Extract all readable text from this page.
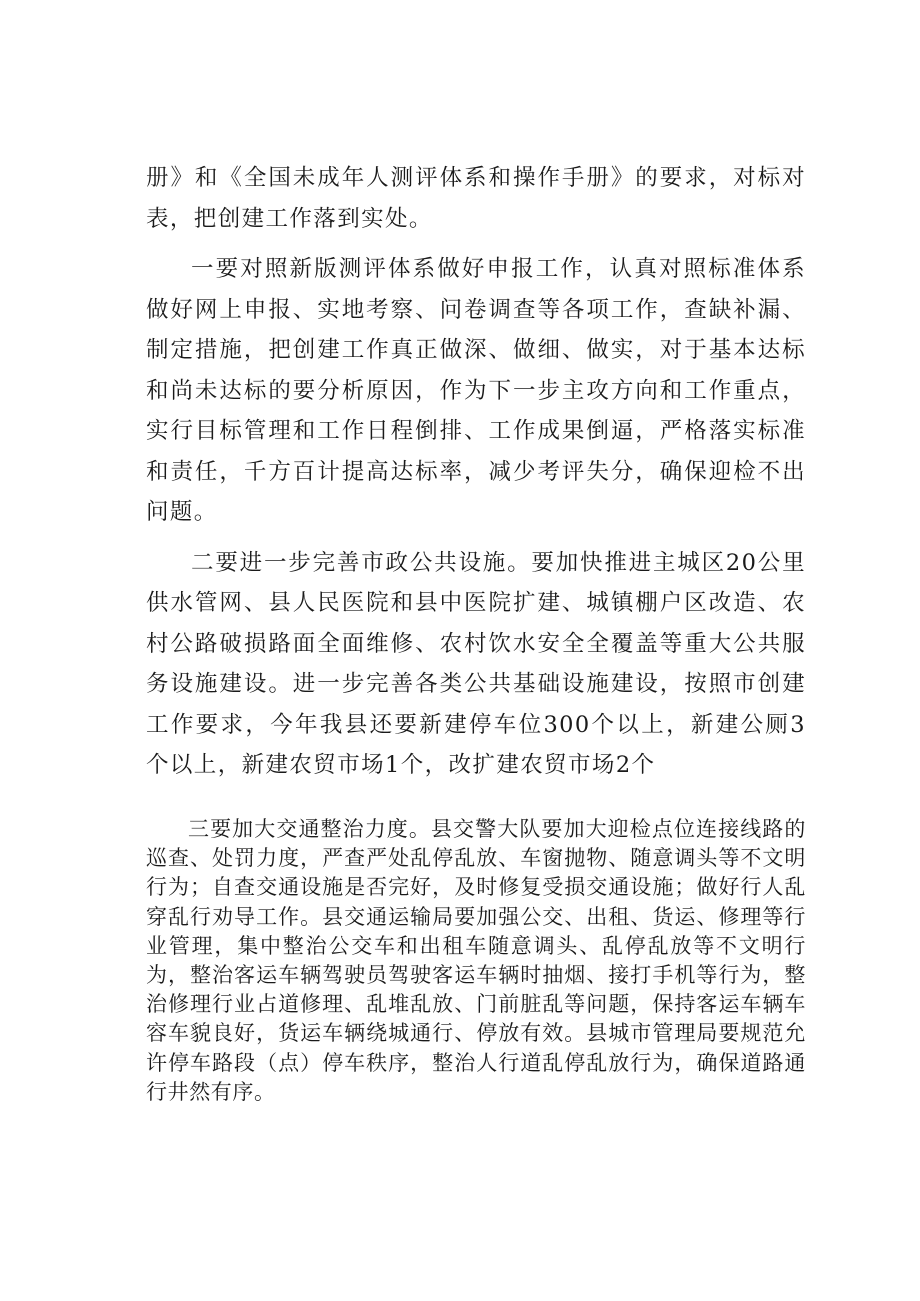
册》和《全国未成年人测评体系和操作手册》的要求，对标对表，把创建工作落到实处。

一要对照新版测评体系做好申报工作，认真对照标准体系做好网上申报、实地考察、问卷调查等各项工作，查缺补漏、制定措施，把创建工作真正做深、做细、做实，对于基本达标和尚未达标的要分析原因，作为下一步主攻方向和工作重点，实行目标管理和工作日程倒排、工作成果倒逼，严格落实标准和责任，千方百计提高达标率，减少考评失分，确保迎检不出问题。

二要进一步完善市政公共设施。要加快推进主城区20公里供水管网、县人民医院和县中医院扩建、城镇棚户区改造、农村公路破损路面全面维修、农村饮水安全全覆盖等重大公共服务设施建设。进一步完善各类公共基础设施建设，按照市创建工作要求，今年我县还要新建停车位300个以上，新建公厕3个以上，新建农贸市场1个，改扩建农贸市场2个

三要加大交通整治力度。县交警大队要加大迎检点位连接线路的巡查、处罚力度，严查严处乱停乱放、车窗抛物、随意调头等不文明行为；自查交通设施是否完好，及时修复受损交通设施；做好行人乱穿乱行劝导工作。县交通运输局要加强公交、出租、货运、修理等行业管理，集中整治公交车和出租车随意调头、乱停乱放等不文明行为，整治客运车辆驾驶员驾驶客运车辆时抽烟、接打手机等行为，整治修理行业占道修理、乱堆乱放、门前脏乱等问题，保持客运车辆车容车貌良好，货运车辆绕城通行、停放有效。县城市管理局要规范允许停车路段（点）停车秩序，整治人行道乱停乱放行为，确保道路通行井然有序。
